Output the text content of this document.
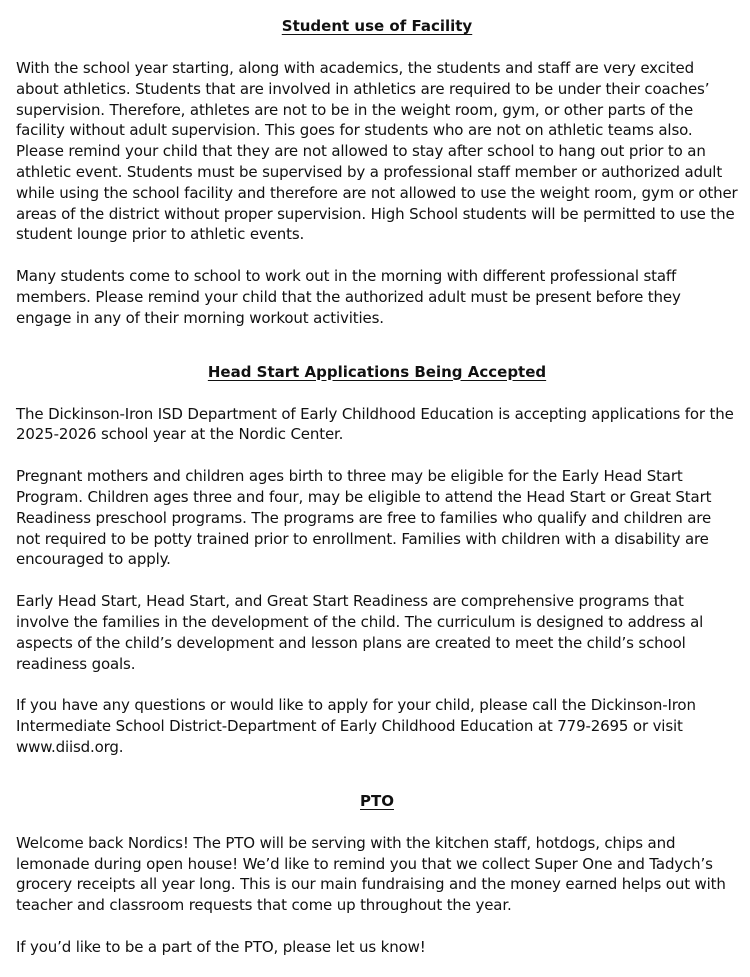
Student use of Facility

With the school year starting, along with academics, the students and staff are very excited about athletics. Students that are involved in athletics are required to be under their coaches’ supervision. Therefore, athletes are not to be in the weight room, gym, or other parts of the facility without adult supervision. This goes for students who are not on athletic teams also. Please remind your child that they are not allowed to stay after school to hang out prior to an athletic event. Students must be supervised by a professional staff member or authorized adult while using the school facility and therefore are not allowed to use the weight room, gym or other areas of the district without proper supervision. High School students will be permitted to use the student lounge prior to athletic events.

Many students come to school to work out in the morning with different professional staff members. Please remind your child that the authorized adult must be present before they engage in any of their morning workout activities.

Head Start Applications Being Accepted

The Dickinson-Iron ISD Department of Early Childhood Education is accepting applications for the 2025-2026 school year at the Nordic Center.

Pregnant mothers and children ages birth to three may be eligible for the Early Head Start Program. Children ages three and four, may be eligible to attend the Head Start or Great Start Readiness preschool programs. The programs are free to families who qualify and children are not required to be potty trained prior to enrollment. Families with children with a disability are encouraged to apply.

Early Head Start, Head Start, and Great Start Readiness are comprehensive programs that involve the families in the development of the child. The curriculum is designed to address al aspects of the child’s development and lesson plans are created to meet the child’s school readiness goals.

If you have any questions or would like to apply for your child, please call the Dickinson-Iron Intermediate School District-Department of Early Childhood Education at 779-2695 or visit www.diisd.org.

PTO

Welcome back Nordics! The PTO will be serving with the kitchen staff, hotdogs, chips and lemonade during open house! We’d like to remind you that we collect Super One and Tadych’s grocery receipts all year long. This is our main fundraising and the money earned helps out with teacher and classroom requests that come up throughout the year.

If you’d like to be a part of the PTO, please let us know!
